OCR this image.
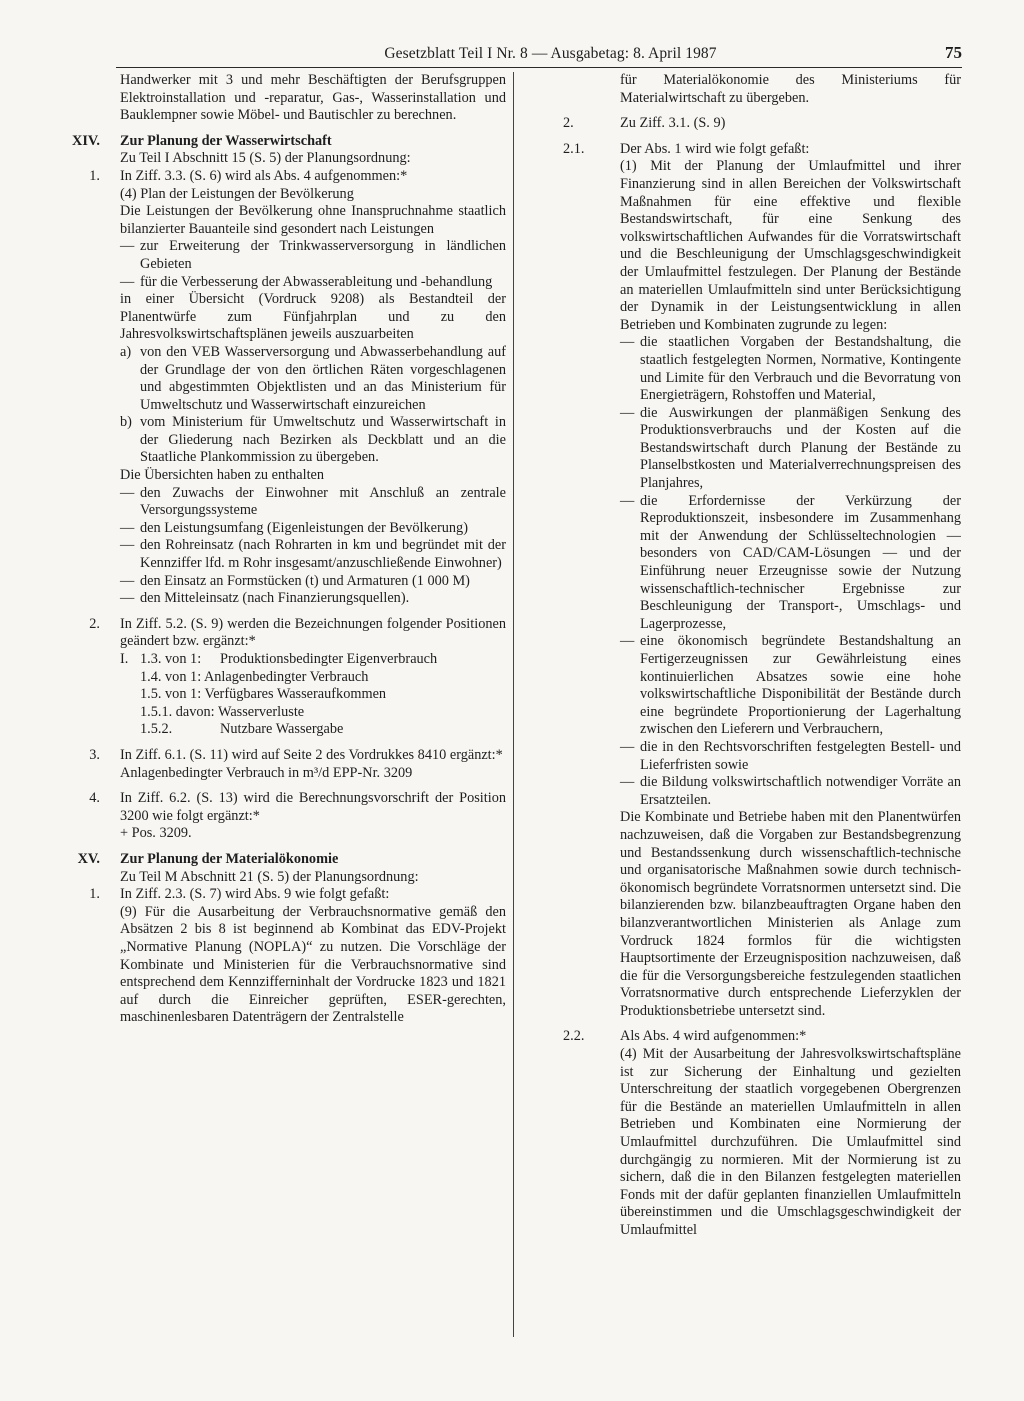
Gesetzblatt Teil I Nr. 8 — Ausgabetag: 8. April 1987	75

Handwerker mit 3 und mehr Beschäftigten der Berufsgruppen Elektroinstallation und -reparatur, Gas-, Wasserinstallation und Bauklempner sowie Möbel- und Bautischler zu berechnen.

XIV.	Zur Planung der Wasserwirtschaft

Zu Teil I Abschnitt 15 (S. 5) der Planungsordnung:

1.	In Ziff. 3.3. (S. 6) wird als Abs. 4 aufgenommen:*

(4) Plan der Leistungen der Bevölkerung

Die Leistungen der Bevölkerung ohne Inanspruchnahme staatlich bilanzierter Bauanteile sind gesondert nach Leistungen

— zur Erweiterung der Trinkwasserversorgung in ländlichen Gebieten
— für die Verbesserung der Abwasserableitung und -behandlung

in einer Übersicht (Vordruck 9208) als Bestandteil der Planentwürfe zum Fünfjahrplan und zu den Jahresvolkswirtschaftsplänen jeweils auszuarbeiten

a) von den VEB Wasserversorgung und Abwasserbehandlung auf der Grundlage der von den örtlichen Räten vorgeschlagenen und abgestimmten Objektlisten und an das Ministerium für Umweltschutz und Wasserwirtschaft einzureichen
b) vom Ministerium für Umweltschutz und Wasserwirtschaft in der Gliederung nach Bezirken als Deckblatt und an die Staatliche Plankommission zu übergeben.

Die Übersichten haben zu enthalten

— den Zuwachs der Einwohner mit Anschluß an zentrale Versorgungssysteme
— den Leistungsumfang (Eigenleistungen der Bevölkerung)
— den Rohreinsatz (nach Rohrarten in km und begründet mit der Kennziffer lfd. m Rohr insgesamt/anzuschließende Einwohner)
— den Einsatz an Formstücken (t) und Armaturen (1 000 M)
— den Mitteleinsatz (nach Finanzierungsquellen).
2.	In Ziff. 5.2. (S. 9) werden die Bezeichnungen folgender Positionen geändert bzw. ergänzt:*

I. 1.3. von 1:	Produktionsbedingter Eigenverbrauch
1.4. von 1: Anlagenbedingter Verbrauch
1.5. von 1: Verfügbares Wasseraufkommen
1.5.1. davon: Wasserverluste
1.5.2.	Nutzbare Wassergabe
3.	In Ziff. 6.1. (S. 11) wird auf Seite 2 des Vordrukkes 8410 ergänzt:*

Anlagenbedingter Verbrauch in m³/d EPP-Nr. 3209

4.	In Ziff. 6.2. (S. 13) wird die Berechnungsvorschrift der Position 3200 wie folgt ergänzt:*

+ Pos. 3209.

XV.	Zur Planung der Materialökonomie

Zu Teil M Abschnitt 21 (S. 5) der Planungsordnung:

1.	In Ziff. 2.3. (S. 7) wird Abs. 9 wie folgt gefaßt:

(9) Für die Ausarbeitung der Verbrauchsnormative gemäß den Absätzen 2 bis 8 ist beginnend ab Kombinat das EDV-Projekt „Normative Planung (NOPLA)“ zu nutzen. Die Vorschläge der Kombinate und Ministerien für die Verbrauchsnormative sind entsprechend dem Kennzifferninhalt der Vordrucke 1823 und 1821 auf durch die Einreicher geprüften, ESER-gerechten, maschinenlesbaren Datenträgern der Zentralstelle

für Materialökonomie des Ministeriums für Materialwirtschaft zu übergeben.

2.	Zu Ziff. 3.1. (S. 9)

2.1.	Der Abs. 1 wird wie folgt gefaßt:

(1) Mit der Planung der Umlaufmittel und ihrer Finanzierung sind in allen Bereichen der Volkswirtschaft Maßnahmen für eine effektive und flexible Bestandswirtschaft, für eine Senkung des volkswirtschaftlichen Aufwandes für die Vorratswirtschaft und die Beschleunigung der Umschlagsgeschwindigkeit der Umlaufmittel festzulegen. Der Planung der Bestände an materiellen Umlaufmitteln sind unter Berücksichtigung der Dynamik in der Leistungsentwicklung in allen Betrieben und Kombinaten zugrunde zu legen:

— die staatlichen Vorgaben der Bestandshaltung, die staatlich festgelegten Normen, Normative, Kontingente und Limite für den Verbrauch und die Bevorratung von Energieträgern, Rohstoffen und Material,
— die Auswirkungen der planmäßigen Senkung des Produktionsverbrauchs und der Kosten auf die Bestandswirtschaft durch Planung der Bestände zu Planselbstkosten und Materialverrechnungspreisen des Planjahres,
— die Erfordernisse der Verkürzung der Reproduktionszeit, insbesondere im Zusammenhang mit der Anwendung der Schlüsseltechnologien — besonders von CAD/CAM-Lösungen — und der Einführung neuer Erzeugnisse sowie der Nutzung wissenschaftlich-technischer Ergebnisse zur Beschleunigung der Transport-, Umschlags- und Lagerprozesse,
— eine ökonomisch begründete Bestandshaltung an Fertigerzeugnissen zur Gewährleistung eines kontinuierlichen Absatzes sowie eine hohe volkswirtschaftliche Disponibilität der Bestände durch eine begründete Proportionierung der Lagerhaltung zwischen den Lieferern und Verbrauchern,
— die in den Rechtsvorschriften festgelegten Bestell- und Lieferfristen sowie
— die Bildung volkswirtschaftlich notwendiger Vorräte an Ersatzteilen.

Die Kombinate und Betriebe haben mit den Planentwürfen nachzuweisen, daß die Vorgaben zur Bestandsbegrenzung und Bestandssenkung durch wissenschaftlich-technische und organisatorische Maßnahmen sowie durch technisch-ökonomisch begründete Vorratsnormen untersetzt sind. Die bilanzierenden bzw. bilanzbeauftragten Organe haben den bilanzverantwortlichen Ministerien als Anlage zum Vordruck 1824 formlos für die wichtigsten Hauptsortimente der Erzeugnisposition nachzuweisen, daß die für die Versorgungsbereiche festzulegenden staatlichen Vorratsnormative durch entsprechende Lieferzyklen der Produktionsbetriebe untersetzt sind.

2.2.	Als Abs. 4 wird aufgenommen:*

(4) Mit der Ausarbeitung der Jahresvolkswirtschaftspläne ist zur Sicherung der Einhaltung und gezielten Unterschreitung der staatlich vorgegebenen Obergrenzen für die Bestände an materiellen Umlaufmitteln in allen Betrieben und Kombinaten eine Normierung der Umlaufmittel durchzuführen. Die Umlaufmittel sind durchgängig zu normieren. Mit der Normierung ist zu sichern, daß die in den Bilanzen festgelegten materiellen Fonds mit der dafür geplanten finanziellen Umlaufmitteln übereinstimmen und die Umschlagsgeschwindigkeit der Umlaufmittel
